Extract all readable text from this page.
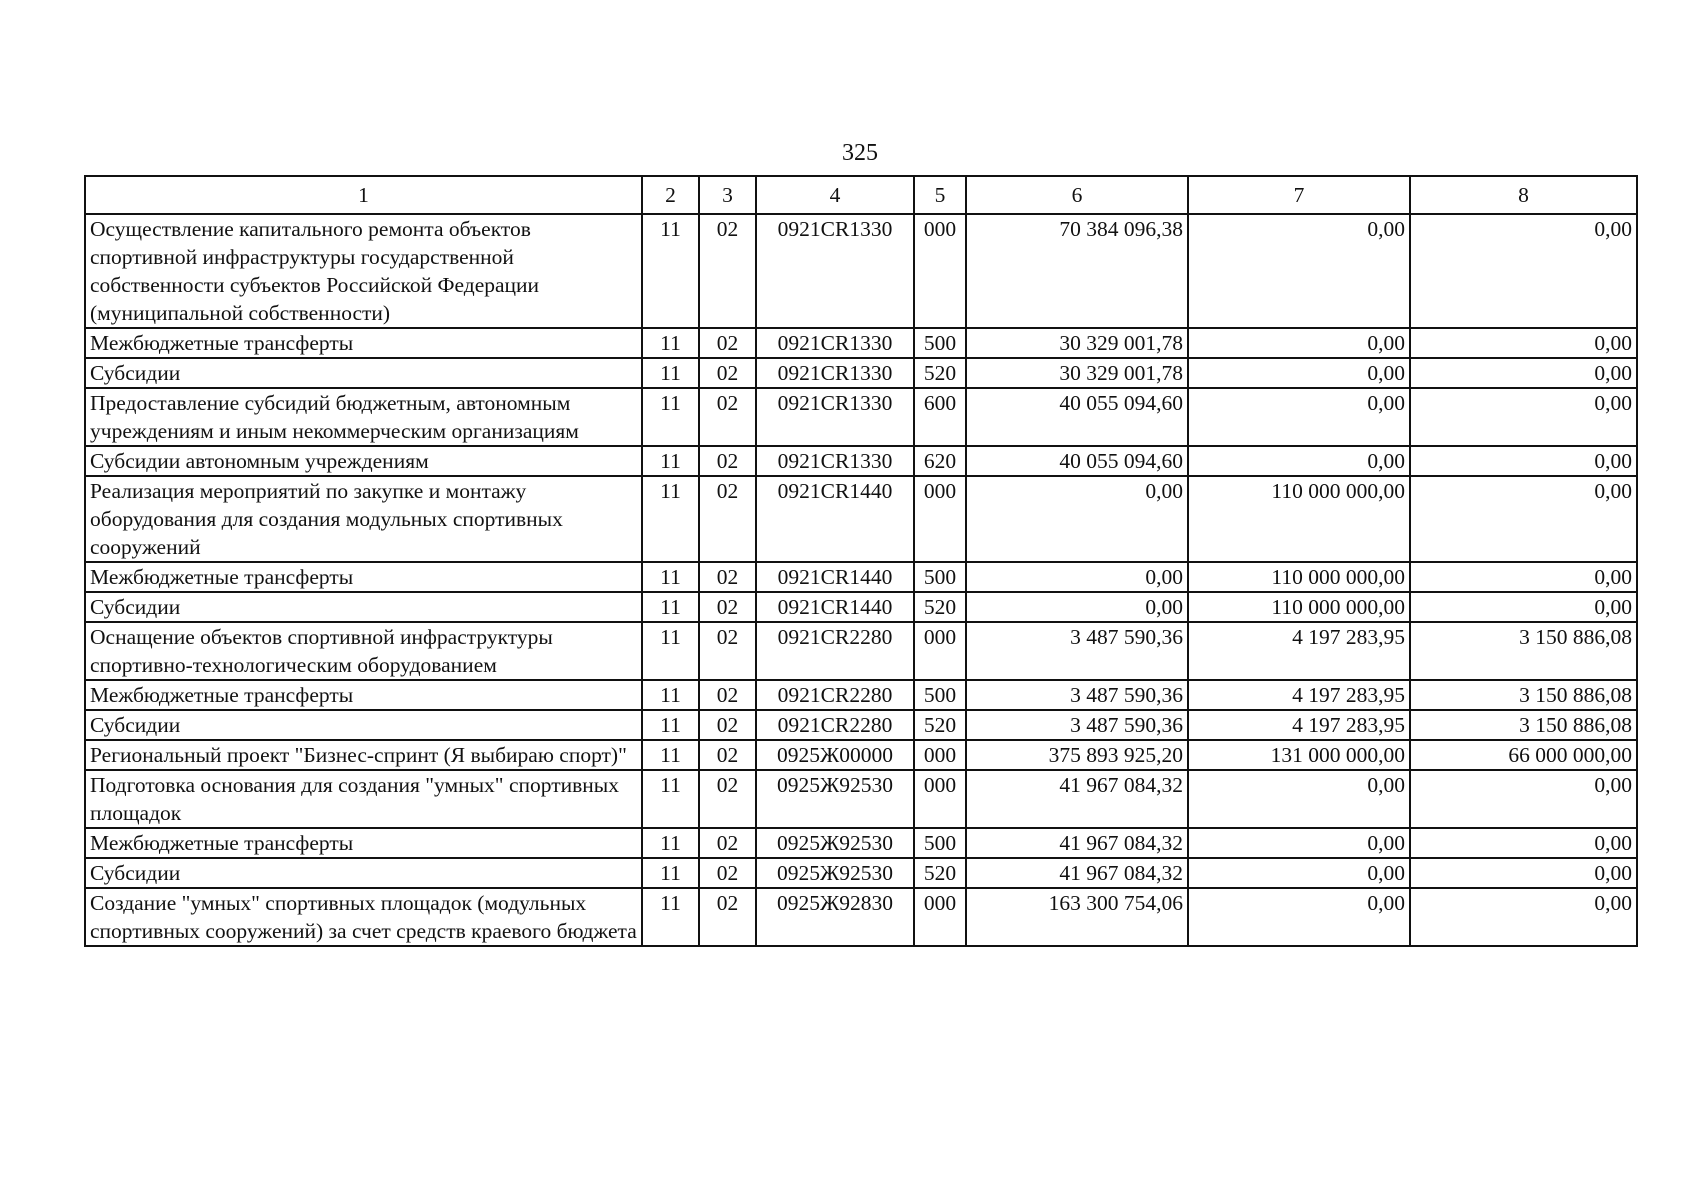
325
1	2	3	4	5	6	7	8
Осуществление капитального ремонта объектов спортивной инфраструктуры государственной собственности субъектов Российской Федерации (муниципальной собственности)	11	02	0921CR1330	000	70 384 096,38	0,00	0,00
Межбюджетные трансферты	11	02	0921CR1330	500	30 329 001,78	0,00	0,00
Субсидии	11	02	0921CR1330	520	30 329 001,78	0,00	0,00
Предоставление субсидий бюджетным, автономным учреждениям и иным некоммерческим организациям	11	02	0921CR1330	600	40 055 094,60	0,00	0,00
Субсидии автономным учреждениям	11	02	0921CR1330	620	40 055 094,60	0,00	0,00
Реализация мероприятий по закупке и монтажу оборудования для создания модульных спортивных сооружений	11	02	0921CR1440	000	0,00	110 000 000,00	0,00
Межбюджетные трансферты	11	02	0921CR1440	500	0,00	110 000 000,00	0,00
Субсидии	11	02	0921CR1440	520	0,00	110 000 000,00	0,00
Оснащение объектов спортивной инфраструктуры спортивно-технологическим оборудованием	11	02	0921CR2280	000	3 487 590,36	4 197 283,95	3 150 886,08
Межбюджетные трансферты	11	02	0921CR2280	500	3 487 590,36	4 197 283,95	3 150 886,08
Субсидии	11	02	0921CR2280	520	3 487 590,36	4 197 283,95	3 150 886,08
Региональный проект "Бизнес-спринт (Я выбираю спорт)"	11	02	0925Ж00000	000	375 893 925,20	131 000 000,00	66 000 000,00
Подготовка основания для создания "умных" спортивных площадок	11	02	0925Ж92530	000	41 967 084,32	0,00	0,00
Межбюджетные трансферты	11	02	0925Ж92530	500	41 967 084,32	0,00	0,00
Субсидии	11	02	0925Ж92530	520	41 967 084,32	0,00	0,00
Создание "умных" спортивных площадок (модульных спортивных сооружений) за счет средств краевого бюджета	11	02	0925Ж92830	000	163 300 754,06	0,00	0,00
